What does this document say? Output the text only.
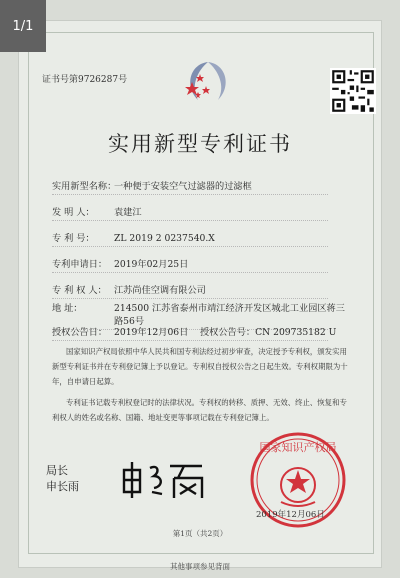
1/1
证书号第9726287号
实用新型专利证书
实用新型名称：一种便于安装空气过滤器的过滤框
发 明 人： 袁建江
专 利 号： ZL 2019 2 0237540.X
专利申请日： 2019年02月25日
专 利 权 人： 江苏尚佳空调有限公司
地 址：	214500 江苏省泰州市靖江经济开发区城北工业园区蒋三
路56号
授权公告日： 2019年12月06日 授权公告号：CN 209735182 U
国家知识产权局依照中华人民共和国专利法经过初步审查，决定授予专利权，颁发实用
新型专利证书并在专利登记簿上予以登记。专利权自授权公告之日起生效。专利权期限为十
年，自申请日起算。
专利证书记载专利权登记时的法律状况。专利权的转移、质押、无效、终止、恢复和专
利权人的姓名或名称、国籍、地址变更等事项记载在专利登记簿上。
局长
申长雨
国家知识产权局
2019年12月06日
第1页（共2页）
其他事项参见背面
